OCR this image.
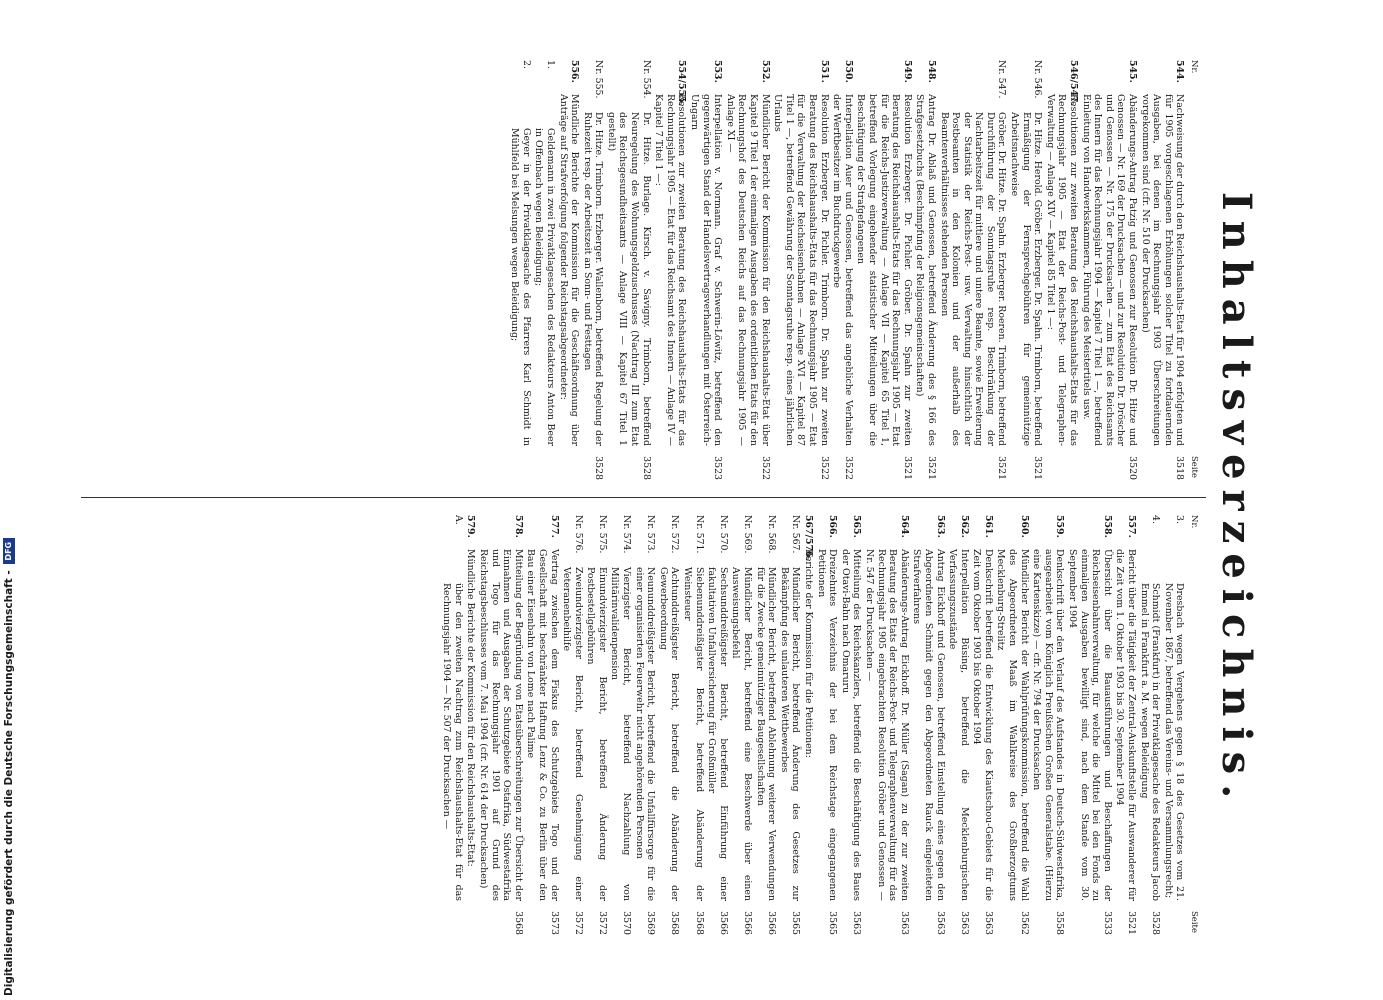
Digitalisierung gefördert durch die Deutsche Forschungsgemeinschaft -
DFG	Inhaltsverzeichnis.
Nr.
Seite
544.
Nachweisung der durch den Reichshaushalts-Etat für 1904 erfolgten und für 1905 vorgeschlagenen Erhöhungen solcher Titel zu fortdauernden Ausgaben, bei denen im Rechnungsjahr 1903 Überschreitungen vorgekommen sind (cfr. Nr. 510 der Drucksachen)
3518
545.
Abänderungs-Antrag Patzig und Genossen zur Resolution Dr. Hitze und Genossen — Nr. 169 der Drucksachen — und zur Resolution Dr. Dröscher und Genossen — Nr. 175 der Drucksachen — zum Etat des Reichsamts des Innern für das Rechnungsjahr 1904 — Kapitel 7 Titel 1 —, betreffend Einleitung von Handwerkskammern, Führung des Meistertitels usw.
3520
546/547.
Resolutionen zur zweiten Beratung des Reichshaushalts-Etats für das Rechnungsjahr 1905 — Etat der Reichs-Post- und Telegraphen-Verwaltung — Anlage XIV — Kapitel 85 Titel 1 —:
Nr. 546.
Dr. Hitze. Herold. Gröber. Erzberger. Dr. Spahn. Trimborn, betreffend Ermäßigung der Fernsprechgebühren für gemeinnützige Arbeitsnachweise
3521
Nr. 547.
Gröber. Dr. Hitze. Dr. Spahn. Erzberger. Roeren. Trimborn, betreffend Durchführung der Sonntagsruhe resp. Beschränkung der Nachtarbeitszeit für mittlere und untere Beamte, sowie Erweiterung der Statistik der Reichs-Post- usw. Verwaltung hinsichtlich der Postbeamten in den Kolonien und der außerhalb des Beamtenverhältnisses stehenden Personen
3521
548.
Antrag Dr. Ablaß und Genossen, betreffend Änderung des § 166 des Strafgesetzbuchs (Beschimpfung der Religionsgemeinschaften)
3521
549.
Resolution Erzberger. Dr. Pichler. Gröber. Dr. Spahn zur zweiten Beratung des Reichshaushalts-Etats für das Rechnungsjahr 1905 — Etat für die Reichs-Justizverwaltung — Anlage VII — Kapitel 65 Titel 1, betreffend Vorlegung eingehender statistischer Mitteilungen über die Beschäftigung der Strafgefangenen
3521
550.
Interpellation Auer und Genossen, betreffend das angebliche Verhalten der Werftbesitzer im Buchdruckgewerbe
3522
551.
Resolution Erzberger. Dr. Pichler. Trimborn. Dr. Spahn zur zweiten Beratung des Reichshaushalts-Etats für das Rechnungsjahr 1905 — Etat für die Verwaltung der Reichseisenbahnen — Anlage XVI — Kapitel 87 Titel 1 —, betreffend Gewährung der Sonntagsruhe resp. eines jährlichen Urlaubs
3522
552.
Mündlicher Bericht der Kommission für den Reichshaushalts-Etat über Kapitel 9 Titel 1 der einmaligen Ausgaben des ordentlichen Etats für den Rechnungshof des Deutschen Reichs auf das Rechnungsjahr 1905 — Anlage XI —
3522
553.
Interpellation v. Normann. Graf v. Schwerin-Löwitz, betreffend den gegenwärtigen Stand der Handelsvertragsverhandlungen mit Österreich-Ungarn
3523
554/555.
Resolutionen zur zweiten Beratung des Reichshaushalts-Etats für das Rechnungsjahr 1905 — Etat für das Reichsamt des Innern — Anlage IV — Kapitel 7 Titel 1 —:
Nr. 554.
Dr. Hitze. Burlage. Kirsch. v. Savigny. Trimborn, betreffend Neuregelung des Wohnungsgeldzuschusses (Nachtrag III zum Etat des Reichsgesundheitsamts — Anlage VIII — Kapitel 67 Titel 1 gestellt)
3528
Nr. 555.
Dr. Hitze. Trimborn. Erzberger. Wallenborn, betreffend Regelung der Ruhezeit resp. der Arbeitszeit an Sonn- und Festtagen
3528
556.
Mündliche Berichte der Kommission für die Geschäftsordnung über Anträge auf Strafverfolgung folgender Reichstagsabgeordneter:
1.
Geldemann in zwei Privatklagesachen des Redakteurs Anton Beer in Offenbach wegen Beleidigung;
2.
Geyer in der Privatklagesache des Pfarrers Karl Schmidt in Mühlfeld bei Melsungen wegen Beleidigung;
Nr.
Seite
3.
Dresbach wegen Vergehens gegen § 18 des Gesetzes vom 21. November 1867, betreffend das Vereins- und Versammlungsrecht;
4.
Schmidt (Frankfurt) in der Privatklagesache des Redakteurs Jacob Emmel in Frankfurt a. M. wegen Beleidigung
3528
557.
Bericht über die Tätigkeit der Zentral-Auskunftstelle für Auswanderer für die Zeit vom 1. Oktober 1903 bis 30. September 1904
3521
558.
Übersicht über die Bauausführungen und Beschaffungen der Reichseisenbahnverwaltung, für welche die Mittel bei den Fonds zu einmaligen Ausgaben bewilligt sind, nach dem Stande vom 30. September 1904
3533
559.
Denkschrift über den Verlauf des Aufstandes in Deutsch-Südwestafrika, ausgearbeitet vom Königlich Preußischen Großen Generalstabe. (Hierzu eine Kartenskizze) — cfr. Nr. 794 der Drucksachen
3558
560.
Mündlicher Bericht der Wahlprüfungskommission, betreffend die Wahl des Abgeordneten Maaß im Wahlkreise des Großherzogtums Mecklenburg-Strelitz
3562
561.
Denkschrift betreffend die Entwicklung des Kiautschou-Gebiets für die Zeit vom Oktober 1903 bis Oktober 1904
3563
562.
Interpellation Büsing, betreffend die Mecklenburgischen Verfassungszustände
3563
563.
Antrag Eickhoff und Genossen, betreffend Einstellung eines gegen den Abgeordneten Schmidt gegen den Abgeordneten Rauck eingeleiteten Strafverfahrens
3563
564.
Abänderungs-Antrag Eickhoff. Dr. Müller (Sagan) zu der zur zweiten Beratung des Etats der Reichs-Post- und Telegraphenverwaltung für das Rechnungsjahr 1905 eingebrachten Resolution Gröber und Genossen — Nr. 547 der Drucksachen —
3563
565.
Mitteilung des Reichskanzlers, betreffend die Beschäftigung des Baues der Otavi-Bahn nach Omaruru
3563
566.
Dreizehntes Verzeichnis der bei dem Reichstage eingegangenen Petitionen
3565
567/576.
Berichte der Kommission für die Petitionen:
Nr. 567.
Mündlicher Bericht, betreffend Änderung des Gesetzes zur Bekämpfung des unlauteren Wettbewerbes
3565
Nr. 568.
Mündlicher Bericht, betreffend Ablehnung weiterer Verwendungen für die Zwecke gemeinnütziger Baugesellschaften
3566
Nr. 569.
Mündlicher Bericht, betreffend eine Beschwerde über einen Ausweisungsbefehl
3566
Nr. 570.
Sechsunddreißigster Bericht, betreffend Einführung einer fakultativen Unfallversicherung für Großmüller
3566
Nr. 571.
Siebenunddreißigster Bericht, betreffend Abänderung der Weinsteuer
3568
Nr. 572.
Achtunddreißigster Bericht, betreffend die Abänderung der Gewerbeordnung
3568
Nr. 573.
Neununddreißigster Bericht, betreffend die Unfallfürsorge für die einer organisierten Feuerwehr nicht angehörenden Personen
3569
Nr. 574.
Vierzigster Bericht, betreffend Nachzahlung von Militärinvalidenpension
3570
Nr. 575.
Einundvierzigster Bericht, betreffend Änderung der Postbestellgebühren
3572
Nr. 576.
Zweiundvierzigster Bericht, betreffend Genehmigung einer Veteranenbeihilfe
3572
577.
Vertrag zwischen dem Fiskus des Schutzgebiets Togo und der Gesellschaft mit beschränkter Haftung Lenz & Co. zu Berlin über den Bau einer Eisenbahn von Lome nach Palime
3573
578.
Mitteilung der Begründung von Etatsüberschreitungen zur Übersicht der Einnahmen und Ausgaben der Schutzgebiete Ostafrika, Südwestafrika und Togo für das Rechnungsjahr 1901 auf Grund des Reichstagsbeschlusses vom 7. Mai 1904 (cfr. Nr. 614 der Drucksachen)
3568
579.
Mündliche Berichte der Kommission für den Reichshaushalts-Etat:
A.
über den zweiten Nachtrag zum Reichshaushalts-Etat für das Rechnungsjahr 1904 — Nr. 507 der Drucksachen —
